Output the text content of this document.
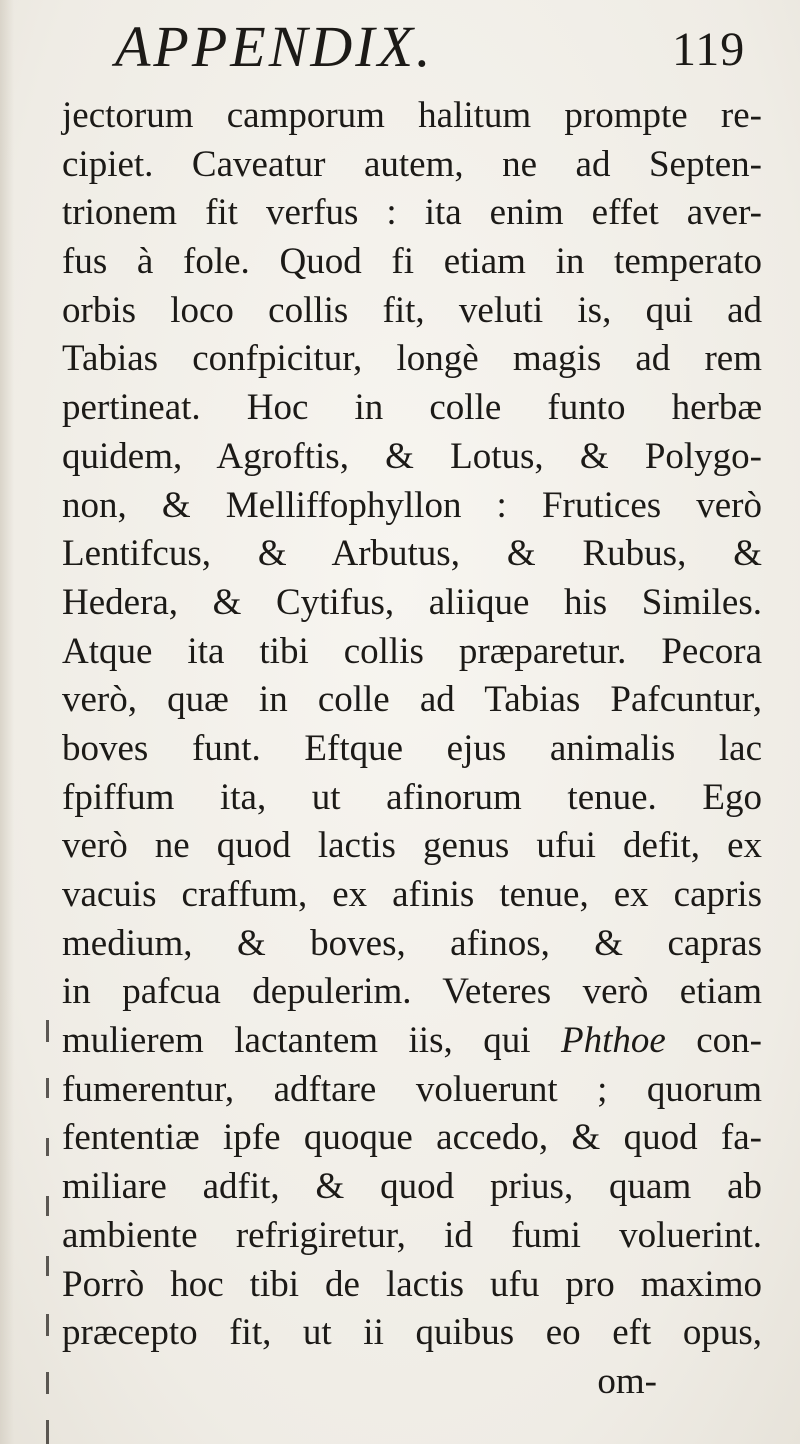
APPENDIX.	119
jectorum camporum halitum prompte re-
cipiet. Caveatur autem, ne ad Septen-
trionem fit verfus : ita enim effet aver-
fus à fole. Quod fi etiam in temperato
orbis loco collis fit, veluti is, qui ad
Tabias confpicitur, longè magis ad rem
pertineat. Hoc in colle funto herbæ
quidem, Agroftis, & Lotus, & Polygo-
non, & Melliffophyllon : Frutices verò
Lentifcus, & Arbutus, & Rubus, &
Hedera, & Cytifus, aliique his Similes.
Atque ita tibi collis præparetur. Pecora
verò, quæ in colle ad Tabias Pafcuntur,
boves funt. Eftque ejus animalis lac
fpiffum ita, ut afinorum tenue. Ego
verò ne quod lactis genus ufui defit, ex
vacuis craffum, ex afinis tenue, ex capris
medium, & boves, afinos, & capras
in pafcua depulerim. Veteres verò etiam
mulierem lactantem iis, qui Phthoe con-
fumerentur, adftare voluerunt ; quorum
fententiæ ipfe quoque accedo, & quod fa-
miliare adfit, & quod prius, quam ab
ambiente refrigiretur, id fumi voluerint.
Porrò hoc tibi de lactis ufu pro maximo
præcepto fit, ut ii quibus eo eft opus,
om-
